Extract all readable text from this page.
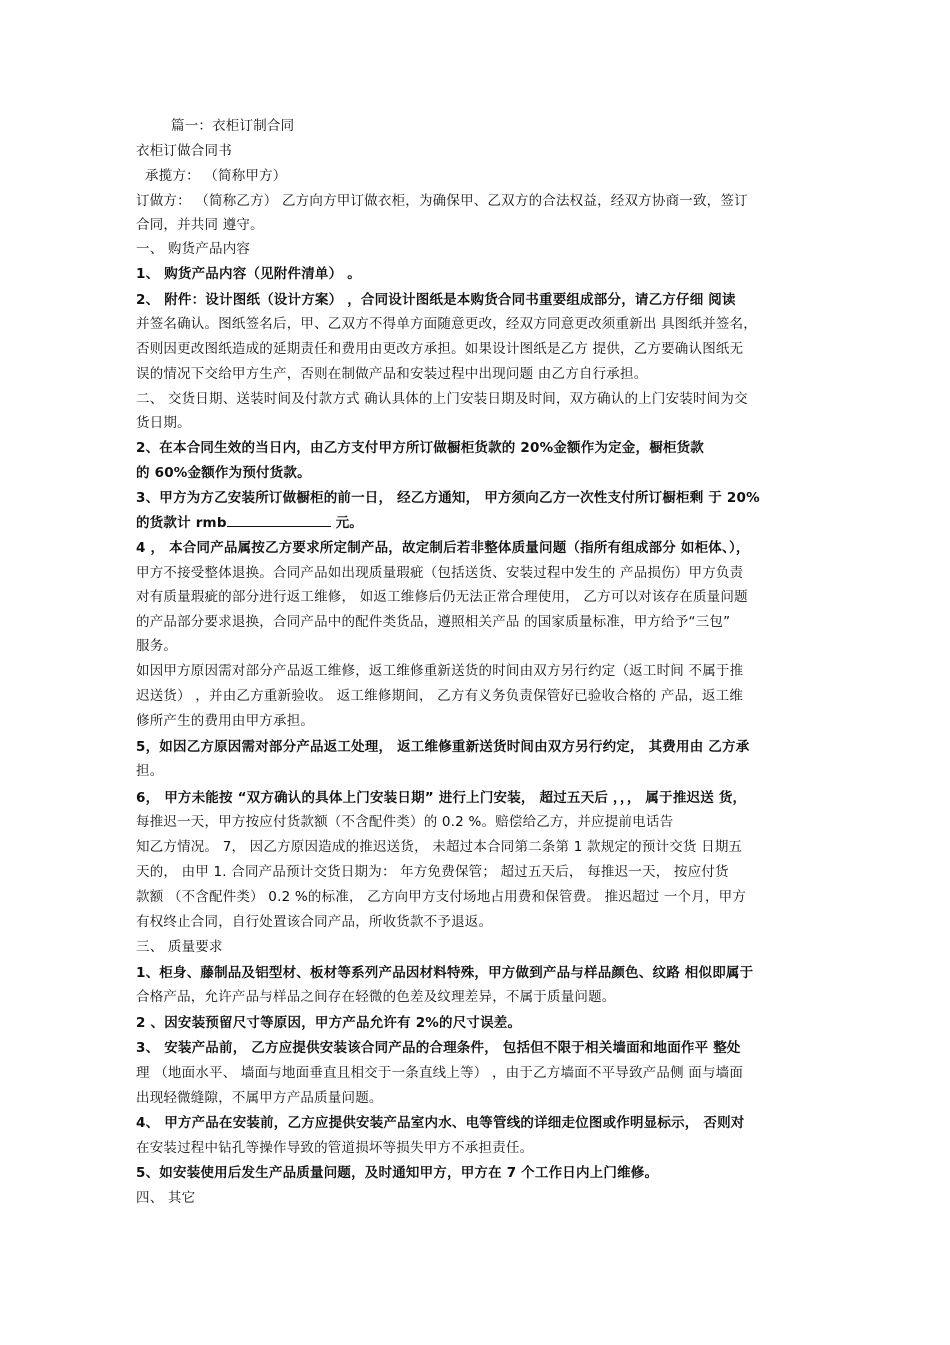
篇一：衣柜订制合同
衣柜订做合同书
承揽方： （简称甲方）
订做方： （简称乙方） 乙方向方甲订做衣柜，为确保甲、乙双方的合法权益，经双方协商一致，签订
合同，并共同 遵守。
一、 购货产品内容
1、 购货产品内容（见附件清单） 。
2、 附件：设计图纸（设计方案） ，合同设计图纸是本购货合同书重要组成部分，请乙方仔细 阅读
并签名确认。图纸签名后，甲、乙双方不得单方面随意更改，经双方同意更改须重新出 具图纸并签名，
否则因更改图纸造成的延期责任和费用由更改方承担。如果设计图纸是乙方 提供，乙方要确认图纸无
误的情况下交给甲方生产，否则在制做产品和安装过程中出现问题 由乙方自行承担。
二、 交货日期、送装时间及付款方式 确认具体的上门安装日期及时间，双方确认的上门安装时间为交
货日期。
2、在本合同生效的当日内，由乙方支付甲方所订做橱柜货款的 20%金额作为定金，橱柜货款
的 60%金额作为预付货款。
3、甲方为方乙安装所订做橱柜的前一日， 经乙方通知， 甲方须向乙方一次性支付所订橱柜剩 于 20%
的货款计 rmb	元。
4 ， 本合同产品属按乙方要求所定制产品，故定制后若非整体质量问题（指所有组成部分 如柜体、），
甲方不接受整体退换。合同产品如出现质量瑕疵（包括送货、安装过程中发生的 产品损伤）甲方负责
对有质量瑕疵的部分进行返工维修， 如返工维修后仍无法正常合理使用， 乙方可以对该存在质量问题
的产品部分要求退换，合同产品中的配件类货品，遵照相关产品 的国家质量标准，甲方给予“三包”
服务。
如因甲方原因需对部分产品返工维修，返工维修重新送货的时间由双方另行约定（返工时间 不属于推
迟送货） ，并由乙方重新验收。 返工维修期间， 乙方有义务负责保管好已验收合格的 产品，返工维
修所产生的费用由甲方承担。
5，如因乙方原因需对部分产品返工处理， 返工维修重新送货时间由双方另行约定， 其费用由 乙方承
担。
6， 甲方未能按 “双方确认的具体上门安装日期” 进行上门安装， 超过五天后 ，，， 属于推迟送 货，
每推迟一天，甲方按应付货款额（不含配件类）的 0.2 %。赔偿给乙方，并应提前电话告
知乙方情况。 7， 因乙方原因造成的推迟送货， 未超过本合同第二条第 1 款规定的预计交货 日期五
天的， 由甲 1. 合同产品预计交货日期为： 年方免费保管； 超过五天后， 每推迟一天， 按应付货
款额 （不含配件类） 0.2 %的标准， 乙方向甲方支付场地占用费和保管费。 推迟超过 一个月，甲方
有权终止合同，自行处置该合同产品，所收货款不予退返。
三、 质量要求
1、柜身、藤制品及铝型材、板材等系列产品因材料特殊，甲方做到产品与样品颜色、纹路 相似即属于
合格产品，允许产品与样品之间存在轻微的色差及纹理差异，不属于质量问题。
2 、因安装预留尺寸等原因，甲方产品允许有 2%的尺寸误差。
3、 安装产品前， 乙方应提供安装该合同产品的合理条件， 包括但不限于相关墙面和地面作平 整处
理 （地面水平、 墙面与地面垂直且相交于一条直线上等） ，由于乙方墙面不平导致产品侧 面与墙面
出现轻微缝隙，不属甲方产品质量问题。
4、 甲方产品在安装前，乙方应提供安装产品室内水、电等管线的详细走位图或作明显标示， 否则对
在安装过程中钻孔等操作导致的管道损坏等损失甲方不承担责任。
5、如安装使用后发生产品质量问题，及时通知甲方，甲方在 7 个工作日内上门维修。
四、 其它
